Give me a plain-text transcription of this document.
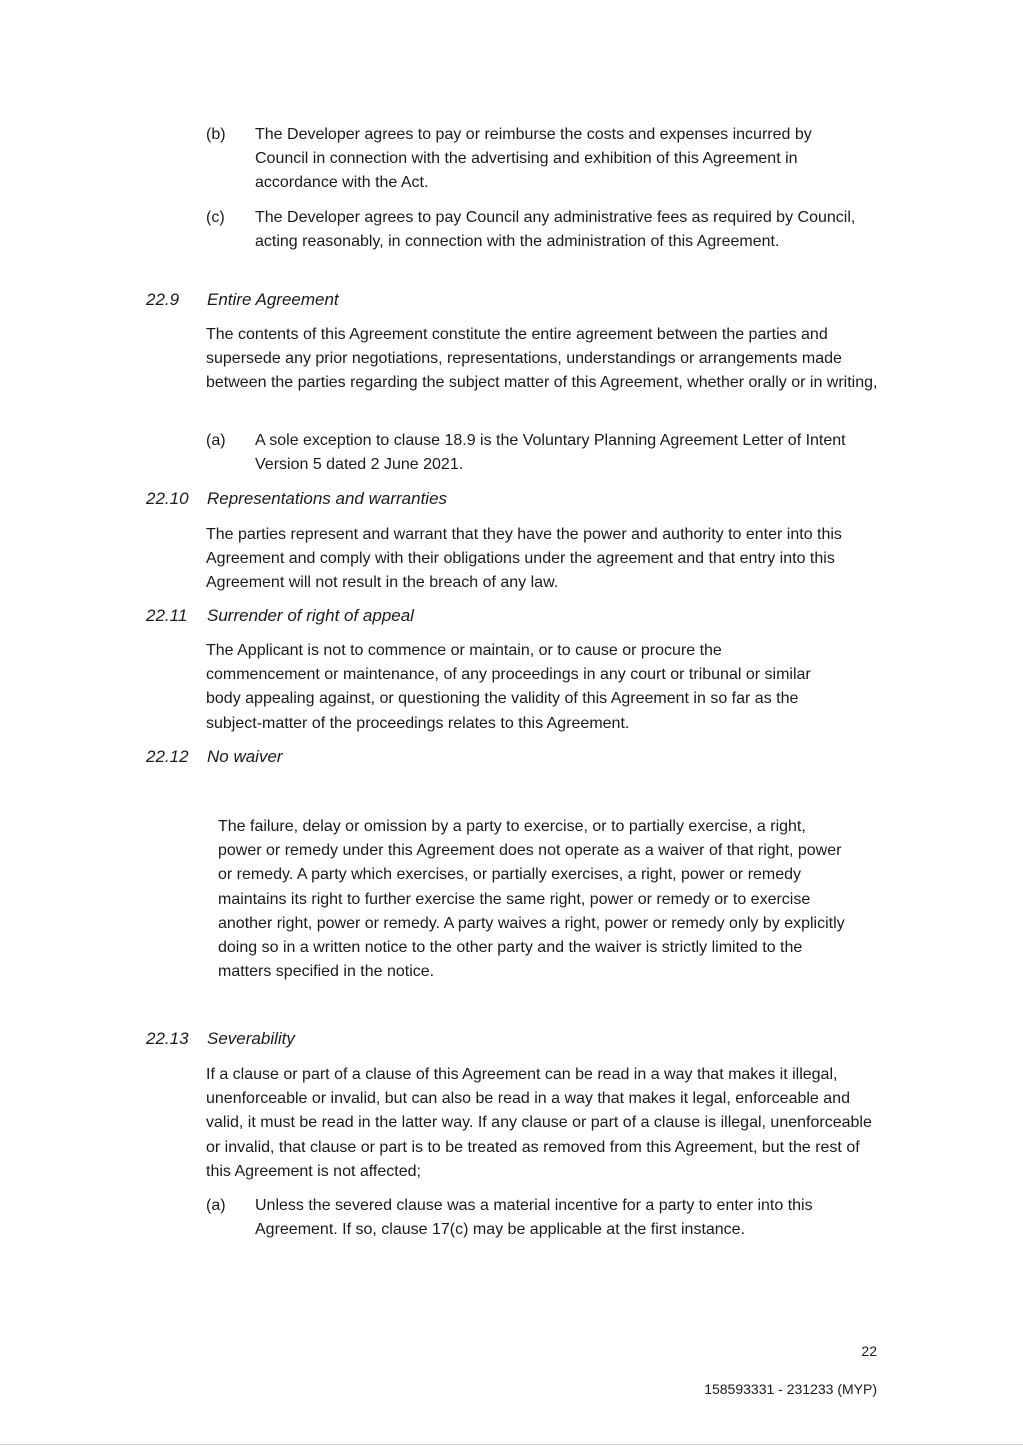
(b) The Developer agrees to pay or reimburse the costs and expenses incurred by Council in connection with the advertising and exhibition of this Agreement in accordance with the Act.
(c) The Developer agrees to pay Council any administrative fees as required by Council, acting reasonably, in connection with the administration of this Agreement.
22.9 Entire Agreement
The contents of this Agreement constitute the entire agreement between the parties and supersede any prior negotiations, representations, understandings or arrangements made between the parties regarding the subject matter of this Agreement, whether orally or in writing,
(a) A sole exception to clause 18.9 is the Voluntary Planning Agreement Letter of Intent Version 5 dated 2 June 2021.
22.10 Representations and warranties
The parties represent and warrant that they have the power and authority to enter into this Agreement and comply with their obligations under the agreement and that entry into this Agreement will not result in the breach of any law.
22.11 Surrender of right of appeal
The Applicant is not to commence or maintain, or to cause or procure the commencement or maintenance, of any proceedings in any court or tribunal or similar body appealing against, or questioning the validity of this Agreement in so far as the subject-matter of the proceedings relates to this Agreement.
22.12 No waiver
The failure, delay or omission by a party to exercise, or to partially exercise, a right, power or remedy under this Agreement does not operate as a waiver of that right, power or remedy. A party which exercises, or partially exercises, a right, power or remedy maintains its right to further exercise the same right, power or remedy or to exercise another right, power or remedy. A party waives a right, power or remedy only by explicitly doing so in a written notice to the other party and the waiver is strictly limited to the matters specified in the notice.
22.13 Severability
If a clause or part of a clause of this Agreement can be read in a way that makes it illegal, unenforceable or invalid, but can also be read in a way that makes it legal, enforceable and valid, it must be read in the latter way. If any clause or part of a clause is illegal, unenforceable or invalid, that clause or part is to be treated as removed from this Agreement, but the rest of this Agreement is not affected;
(a) Unless the severed clause was a material incentive for a party to enter into this Agreement. If so, clause 17(c) may be applicable at the first instance.
22
158593331 - 231233 (MYP)
